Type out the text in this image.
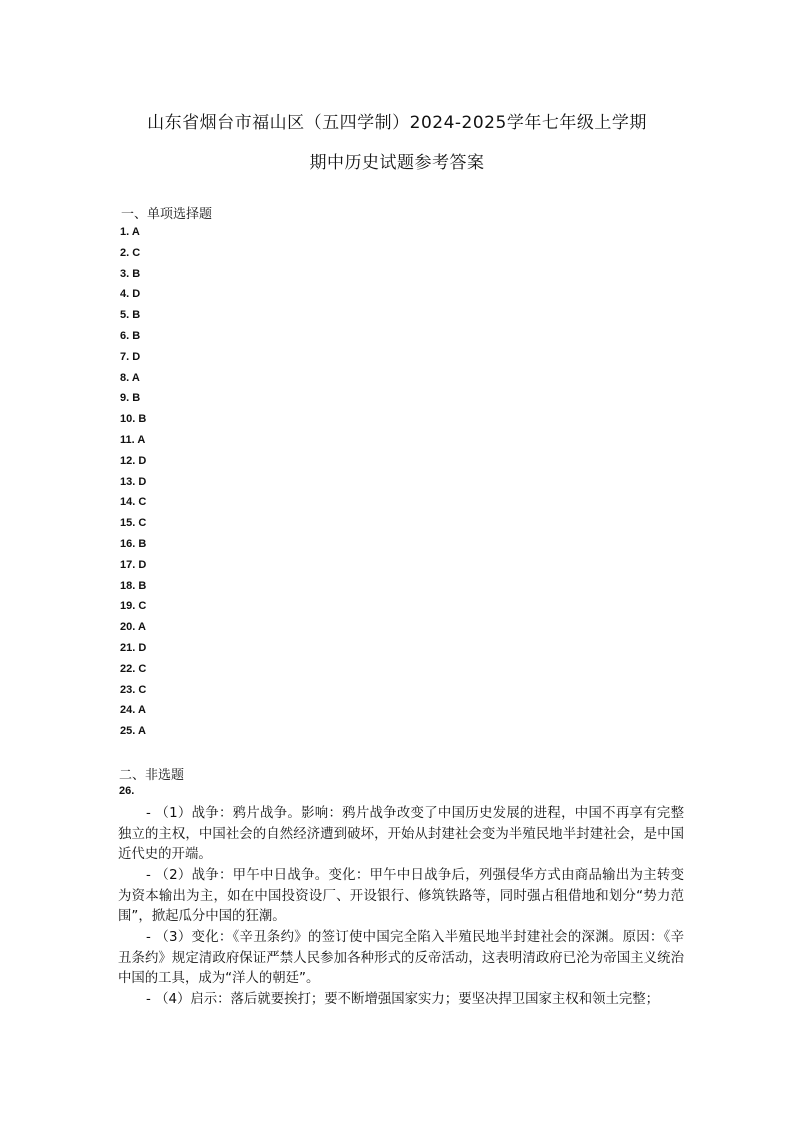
山东省烟台市福山区（五四学制）2024-2025学年七年级上学期
期中历史试题参考答案
一、单项选择题
1. A
2. C
3. B
4. D
5. B
6. B
7. D
8. A
9. B
10. B
11. A
12. D
13. D
14. C
15. C
16. B
17. D
18. B
19. C
20. A
21. D
22. C
23. C
24. A
25. A
二、非选题
26.

- （1）战争：鸦片战争。影响：鸦片战争改变了中国历史发展的进程，中国不再享有完整独立的主权，中国社会的自然经济遭到破坏，开始从封建社会变为半殖民地半封建社会，是中国近代史的开端。

- （2）战争：甲午中日战争。变化：甲午中日战争后，列强侵华方式由商品输出为主转变为资本输出为主，如在中国投资设厂、开设银行、修筑铁路等，同时强占租借地和划分“势力范围”，掀起瓜分中国的狂潮。

- （3）变化：《辛丑条约》的签订使中国完全陷入半殖民地半封建社会的深渊。原因：《辛丑条约》规定清政府保证严禁人民参加各种形式的反帝活动，这表明清政府已沦为帝国主义统治中国的工具，成为“洋人的朝廷”。

- （4）启示：落后就要挨打；要不断增强国家实力；要坚决捍卫国家主权和领土完整；
